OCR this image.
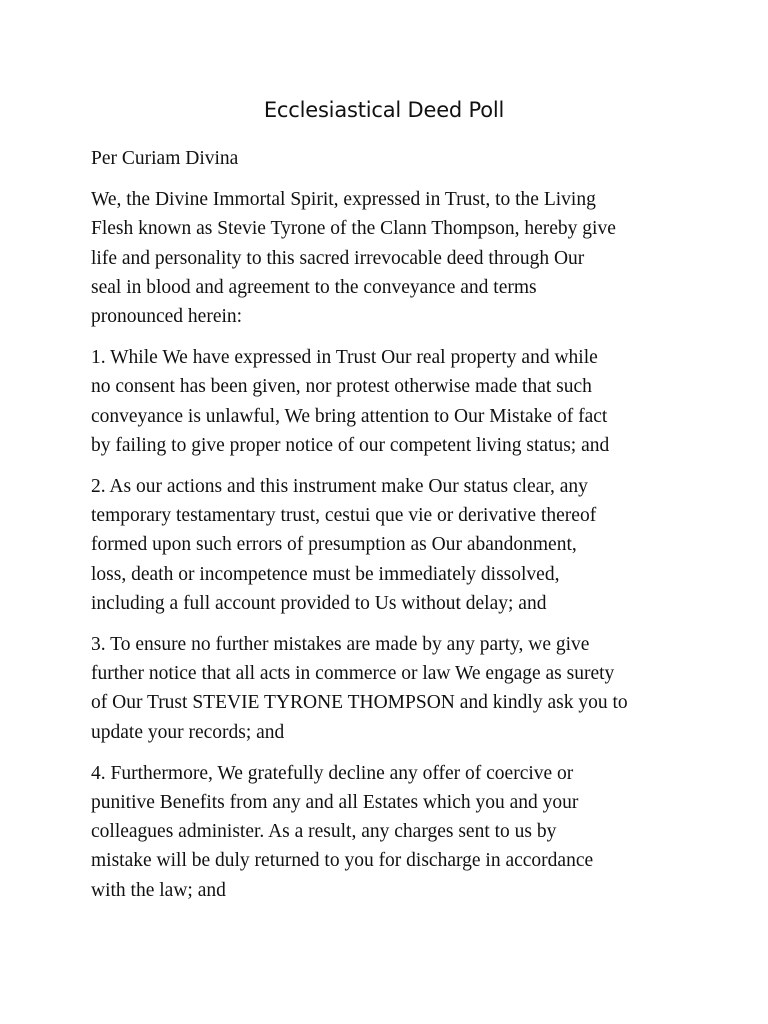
Ecclesiastical Deed Poll

Per Curiam Divina

We, the Divine Immortal Spirit, expressed in Trust, to the Living
Flesh known as Stevie Tyrone of the Clann Thompson, hereby give
life and personality to this sacred irrevocable deed through Our
seal in blood and agreement to the conveyance and terms
pronounced herein:

1. While We have expressed in Trust Our real property and while
no consent has been given, nor protest otherwise made that such
conveyance is unlawful, We bring attention to Our Mistake of fact
by failing to give proper notice of our competent living status; and

2. As our actions and this instrument make Our status clear, any
temporary testamentary trust, cestui que vie or derivative thereof
formed upon such errors of presumption as Our abandonment,
loss, death or incompetence must be immediately dissolved,
including a full account provided to Us without delay; and

3. To ensure no further mistakes are made by any party, we give
further notice that all acts in commerce or law We engage as surety
of Our Trust STEVIE TYRONE THOMPSON and kindly ask you to
update your records; and

4. Furthermore, We gratefully decline any offer of coercive or
punitive Benefits from any and all Estates which you and your
colleagues administer. As a result, any charges sent to us by
mistake will be duly returned to you for discharge in accordance
with the law; and
